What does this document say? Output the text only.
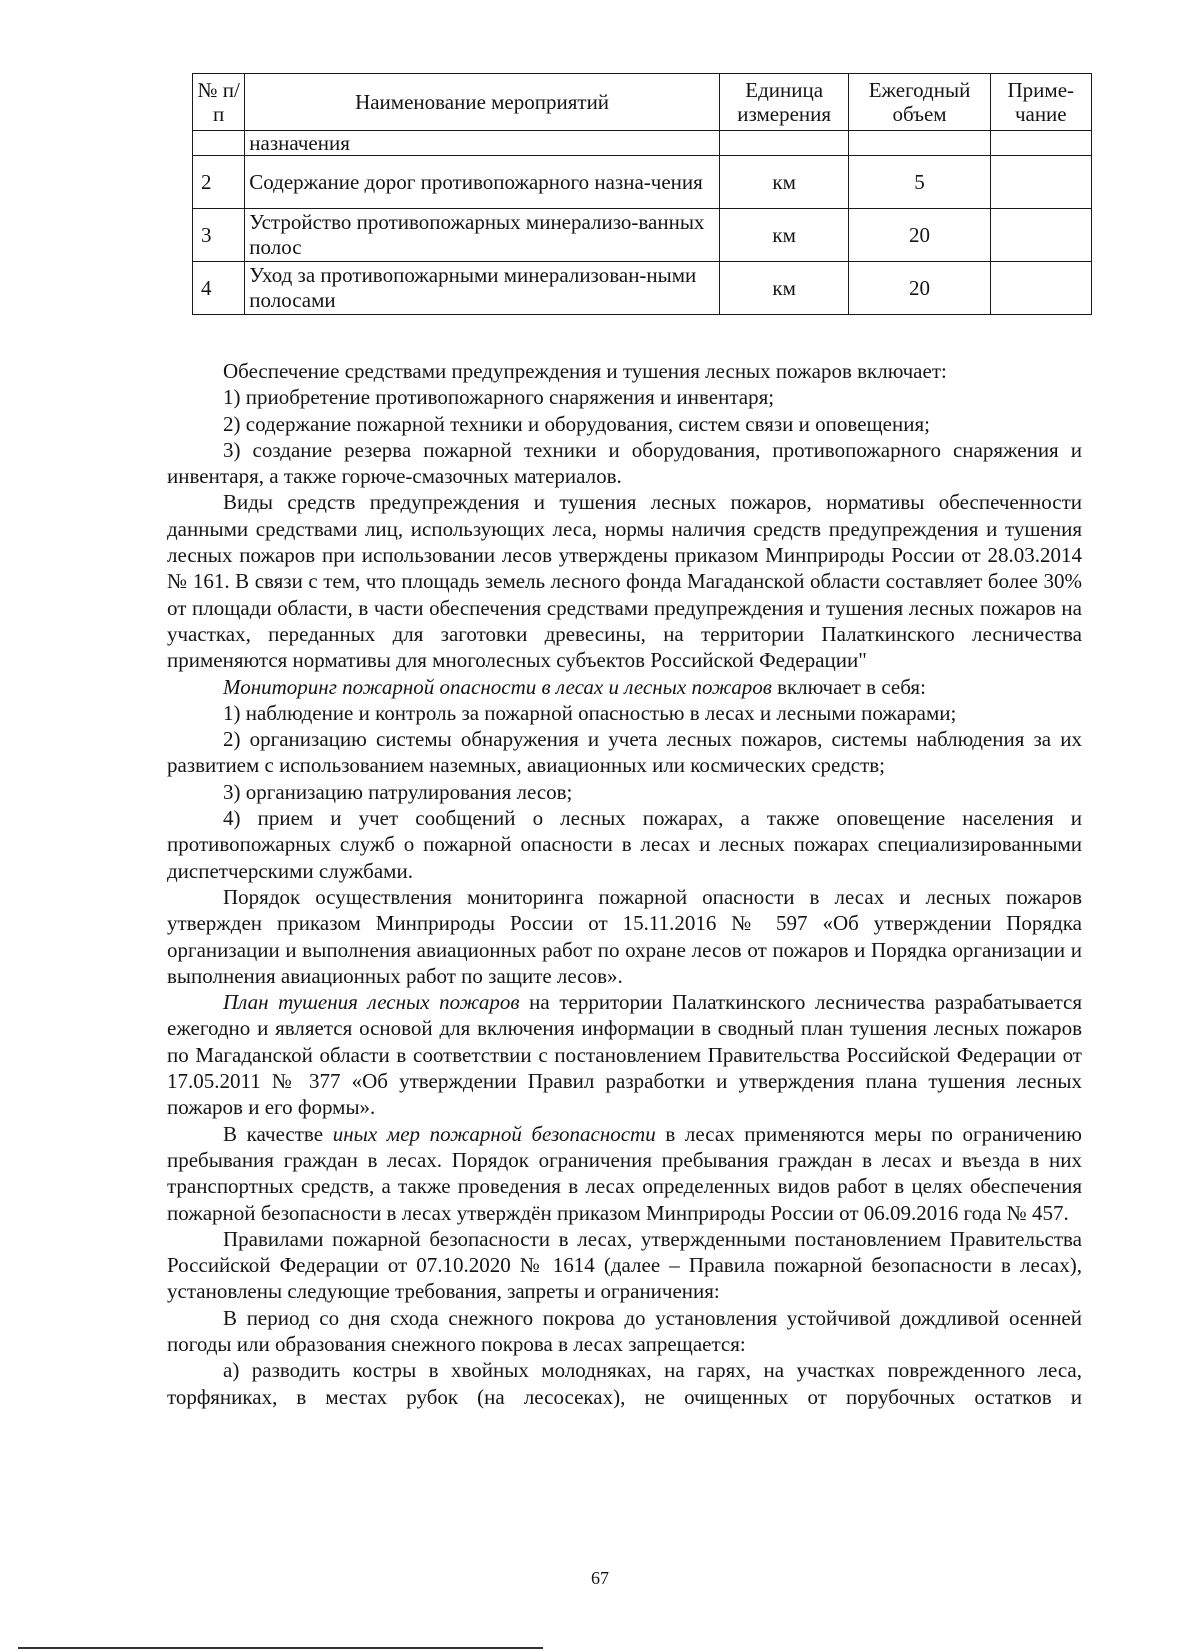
№ п/п	Наименование мероприятий	Единица измерения	Ежегодный объем	Приме-чание
	назначения			
2	Содержание дорог противопожарного назна-чения	км	5	
3	Устройство противопожарных минерализо-ванных полос	км	20	
4	Уход за противопожарными минерализован-ными полосами	км	20	

Обеспечение средствами предупреждения и тушения лесных пожаров включает:

1) приобретение противопожарного снаряжения и инвентаря;

2) содержание пожарной техники и оборудования, систем связи и оповещения;

3) создание резерва пожарной техники и оборудования, противопожарного снаряжения и инвентаря, а также горюче-смазочных материалов.

Виды средств предупреждения и тушения лесных пожаров, нормативы обеспеченности данными средствами лиц, использующих леса, нормы наличия средств предупреждения и тушения лесных пожаров при использовании лесов утверждены приказом Минприроды России от 28.03.2014 № 161. В связи с тем, что площадь земель лесного фонда Магаданской области составляет более 30% от площади области, в части обеспечения средствами предупреждения и тушения лесных пожаров на участках, переданных для заготовки древесины, на территории Палаткинского лесничества применяются нормативы для многолесных субъектов Российской Федерации"

Мониторинг пожарной опасности в лесах и лесных пожаров включает в себя:

1) наблюдение и контроль за пожарной опасностью в лесах и лесными пожарами;

2) организацию системы обнаружения и учета лесных пожаров, системы наблюдения за их развитием с использованием наземных, авиационных или космических средств;

3) организацию патрулирования лесов;

4) прием и учет сообщений о лесных пожарах, а также оповещение населения и противопожарных служб о пожарной опасности в лесах и лесных пожарах специализированными диспетчерскими службами.

Порядок осуществления мониторинга пожарной опасности в лесах и лесных пожаров утвержден приказом Минприроды России от 15.11.2016 № 597 «Об утверждении Порядка организации и выполнения авиационных работ по охране лесов от пожаров и Порядка организации и выполнения авиационных работ по защите лесов».

План тушения лесных пожаров на территории Палаткинского лесничества разрабатывается ежегодно и является основой для включения информации в сводный план тушения лесных пожаров по Магаданской области в соответствии с постановлением Правительства Российской Федерации от 17.05.2011 № 377 «Об утверждении Правил разработки и утверждения плана тушения лесных пожаров и его формы».

В качестве иных мер пожарной безопасности в лесах применяются меры по ограничению пребывания граждан в лесах. Порядок ограничения пребывания граждан в лесах и въезда в них транспортных средств, а также проведения в лесах определенных видов работ в целях обеспечения пожарной безопасности в лесах утверждён приказом Минприроды России от 06.09.2016 года № 457.

Правилами пожарной безопасности в лесах, утвержденными постановлением Правительства Российской Федерации от 07.10.2020 № 1614 (далее – Правила пожарной безопасности в лесах), установлены следующие требования, запреты и ограничения:

В период со дня схода снежного покрова до установления устойчивой дождливой осенней погоды или образования снежного покрова в лесах запрещается:

а) разводить костры в хвойных молодняках, на гарях, на участках поврежденного леса, торфяниках, в местах рубок (на лесосеках), не очищенных от порубочных остатков и

67
